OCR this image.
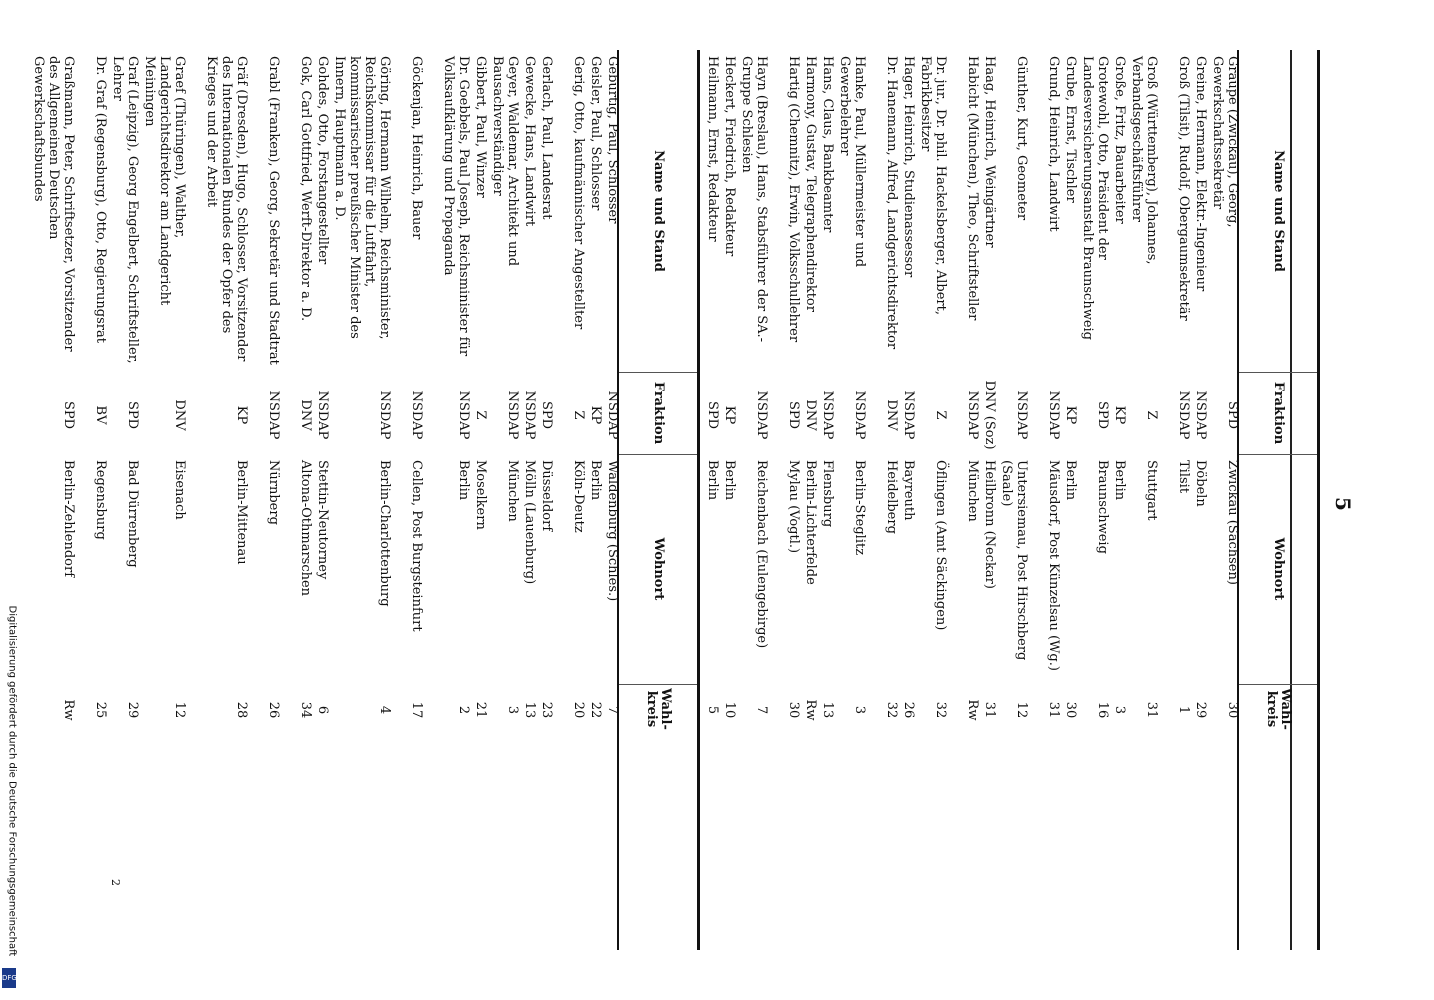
5
2
Digitalisierung gefördert durch die Deutsche Forschungsgemeinschaft
DFG
Name und Stand
Fraktion
Wohnort
Wahl-kreis
Graupe (Zwickau), Georg, Gewerkschaftssekretär
SPD
Zwickau (Sachsen)
30
Greine, Hermann, Elektr.-Ingenieur
NSDAP
Döbeln
29
Groß (Tilsit), Rudolf, Obergaumsekretär
NSDAP
Tilsit
1
Groß (Württemberg), Johannes, Verbandsgeschäftsführer
Z
Stuttgart
31
Große, Fritz, Bauarbeiter
KP
Berlin
3
Grotewohl, Otto, Präsident der Landesversicherungsanstalt Braunschweig
SPD
Braunschweig
16
Grube, Ernst, Tischler
KP
Berlin
30
Grund, Heinrich, Landwirt
NSDAP
Mäusdorf, Post Künzelsau (Wg.)
31
Günther, Kurt, Geometer
NSDAP
Untersiemau, Post Hirschberg (Saale)
12
Haag, Heinrich, Weingärtner
DNV (Soz)
Heilbronn (Neckar)
31
Habicht (München), Theo, Schriftsteller
NSDAP
München
Rw
Dr. jur., Dr. phil. Hackelsberger, Albert, Fabrikbesitzer
Z
Öflingen (Amt Säckingen)
32
Hager, Heinrich, Studienassessor
NSDAP
Bayreuth
26
Dr. Hanemann, Alfred, Landgerichtsdirektor
DNV
Heidelberg
32
Hanke, Paul, Müllermeister und Gewerbelehrer
NSDAP
Berlin-Steglitz
3
Hans, Claus, Bankbeamter
NSDAP
Flensburg
13
Harmony, Gustav, Telegraphendirektor
DNV
Berlin-Lichterfelde
Rw
Hartig (Chemnitz), Erwin, Volksschullehrer
SPD
Mylau (Vogtl.)
30
Hayn (Breslau), Hans, Stabsführer der SA.-Gruppe Schlesien
NSDAP
Reichenbach (Eulengebirge)
7
Heckert, Friedrich, Redakteur
KP
Berlin
10
Heilmann, Ernst, Redakteur
SPD
Berlin
5
Name und Stand
Fraktion
Wohnort
Wahl-kreis
Geburtig, Paul, Schlosser
NSDAP
Waldenburg (Schles.)
7
Geisler, Paul, Schlosser
KP
Berlin
22
Gerig, Otto, kaufmännischer Angestellter
Z
Köln-Deutz
20
Gerlach, Paul, Landesrat
SPD
Düsseldorf
23
Gewecke, Hans, Landwirt
NSDAP
Mölln (Lauenburg)
13
Geyer, Waldemar, Architekt und Bausachverständiger
NSDAP
München
3
Gibbert, Paul, Winzer
Z
Moselkern
21
Dr. Goebbels, Paul Joseph, Reichsminister für Volksaufklärung und Propaganda
NSDAP
Berlin
2
Göckenjan, Heinrich, Bauer
NSDAP
Cellen, Post Burgsteinfurt
17
Göring, Hermann Wilhelm, Reichsminister, Reichskommissar für die Luftfahrt, kommissarischer preußischer Minister des Innern, Hauptmann a. D.
NSDAP
Berlin-Charlottenburg
4
Gohdes, Otto, Forstangestellter
NSDAP
Stettin-Neutorney
6
Gok, Carl Gottfried, Werft-Direktor a. D.
DNV
Altona-Othmarschen
34
Grabl (Franken), Georg, Sekretär und Stadtrat
NSDAP
Nürnberg
26
Gräf (Dresden), Hugo, Schlosser, Vorsitzender des Internationalen Bundes der Opfer des Krieges und der Arbeit
KP
Berlin-Mittenau
28
Graef (Thüringen), Walther, Landgerichtsdirektor am Landgericht Meiningen
DNV
Eisenach
12
Graf (Leipzig), Georg Engelbert, Schriftsteller, Lehrer
SPD
Bad Dürrenberg
29
Dr. Graf (Regensburg), Otto, Regierungsrat
BV
Regensburg
25
Graßmann, Peter, Schriftsetzer, Vorsitzender des Allgemeinen Deutschen Gewerkschaftsbundes
SPD
Berlin-Zehlendorf
Rw
